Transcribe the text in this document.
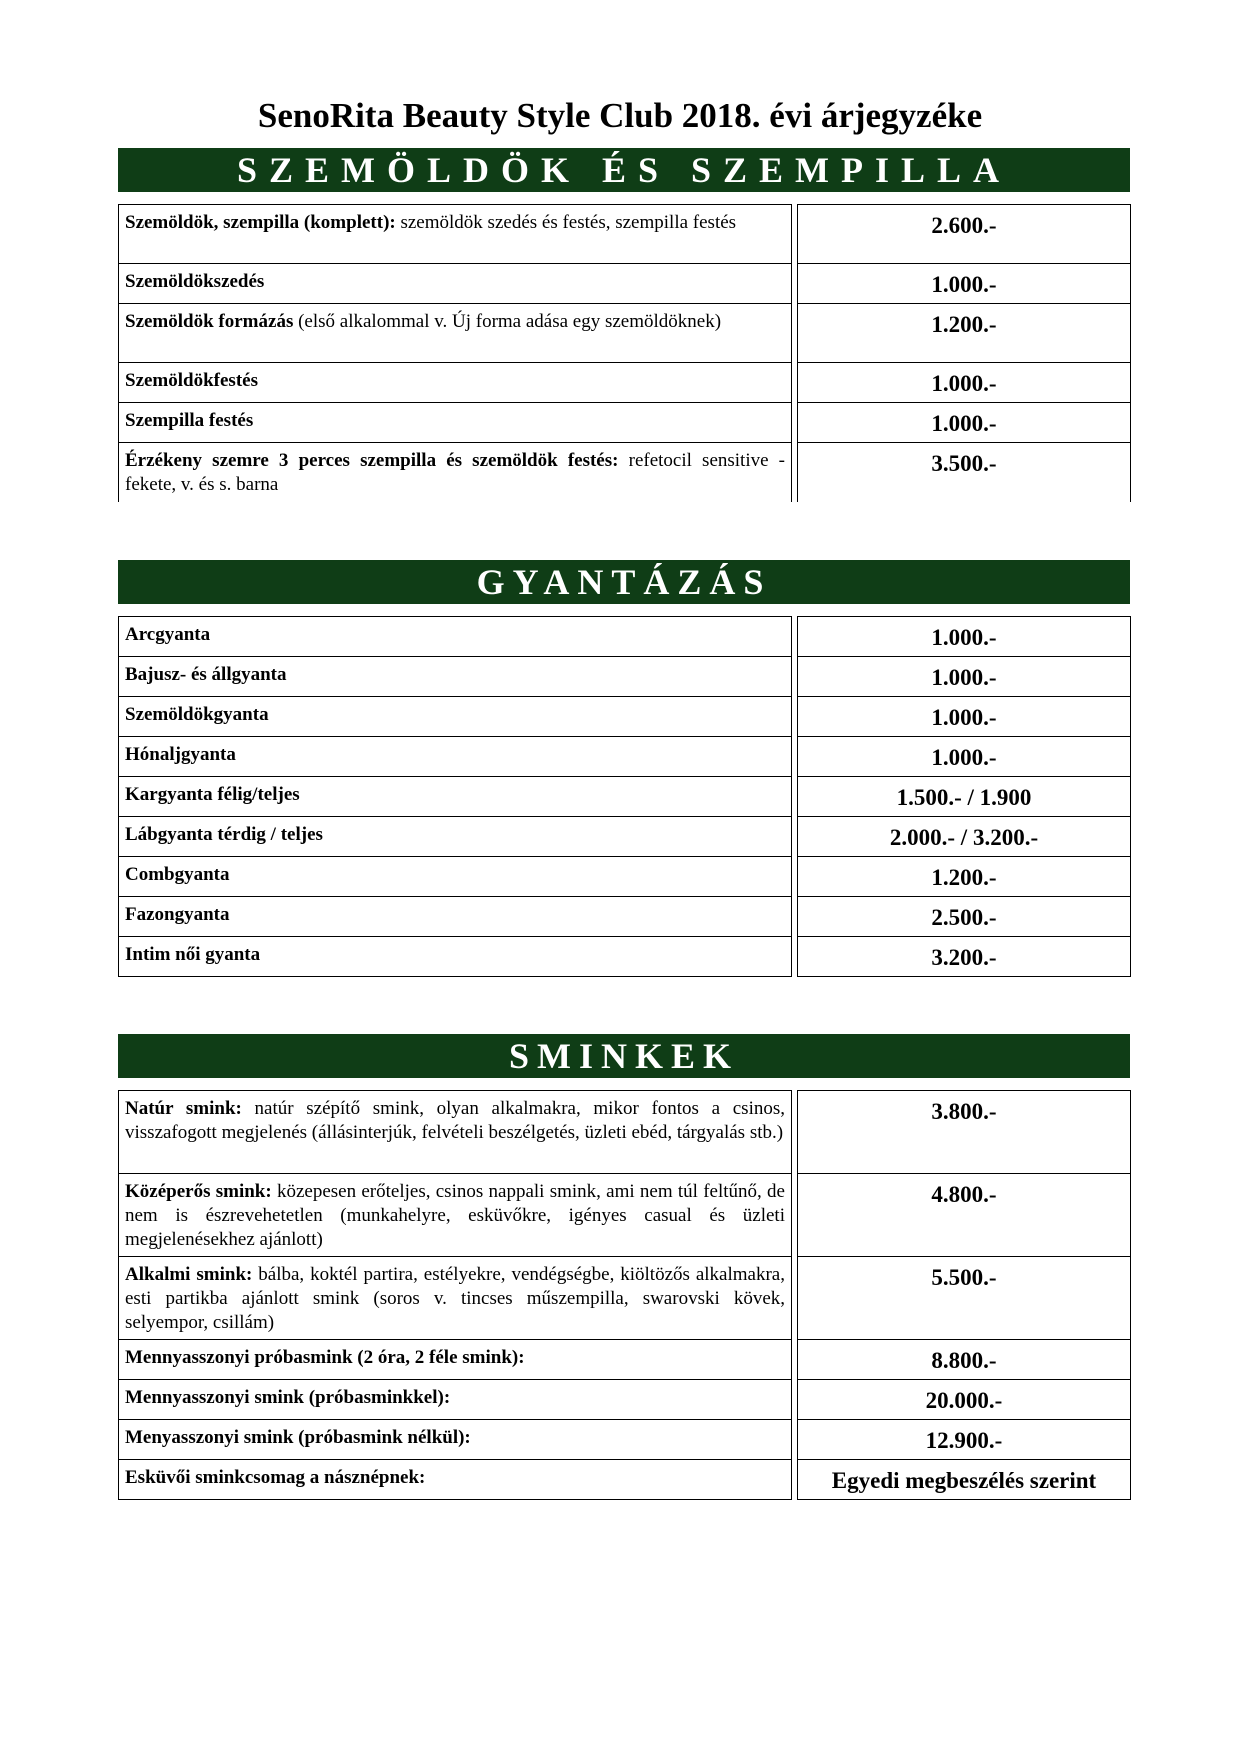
SenoRita Beauty Style Club 2018. évi árjegyzéke
SZEMÖLDÖK ÉS SZEMPILLA
Szemöldök, szempilla (komplett): szemöldök szedés és festés, szempilla festés		2.600.-
Szemöldökszedés		1.000.-
Szemöldök formázás (első alkalommal v. Új forma adása egy szemöldöknek)		1.200.-
Szemöldökfestés		1.000.-
Szempilla festés		1.000.-
Érzékeny szemre 3 perces szempilla és szemöldök festés: refetocil sensitive - fekete, v. és s. barna		3.500.-
GYANTÁZÁS
Arcgyanta		1.000.-
Bajusz- és állgyanta		1.000.-
Szemöldökgyanta		1.000.-
Hónaljgyanta		1.000.-
Kargyanta félig/teljes		1.500.- / 1.900
Lábgyanta térdig / teljes		2.000.- / 3.200.-
Combgyanta		1.200.-
Fazongyanta		2.500.-
Intim női gyanta		3.200.-
SMINKEK
Natúr smink: natúr szépítő smink, olyan alkalmakra, mikor fontos a csinos, visszafogott megjelenés (állásinterjúk, felvételi beszélgetés, üzleti ebéd, tárgyalás stb.)		3.800.-
Középerős smink: közepesen erőteljes, csinos nappali smink, ami nem túl feltűnő, de nem is észrevehetetlen (munkahelyre, esküvőkre, igényes casual és üzleti megjelenésekhez ajánlott)		4.800.-
Alkalmi smink: bálba, koktél partira, estélyekre, vendégségbe, kiöltözős alkalmakra, esti partikba ajánlott smink (soros v. tincses műszempilla, swarovski kövek, selyempor, csillám)		5.500.-
Mennyasszonyi próbasmink (2 óra, 2 féle smink):		8.800.-
Mennyasszonyi smink (próbasminkkel):		20.000.-
Menyasszonyi smink (próbasmink nélkül):		12.900.-
Esküvői sminkcsomag a násznépnek:		Egyedi megbeszélés szerint
